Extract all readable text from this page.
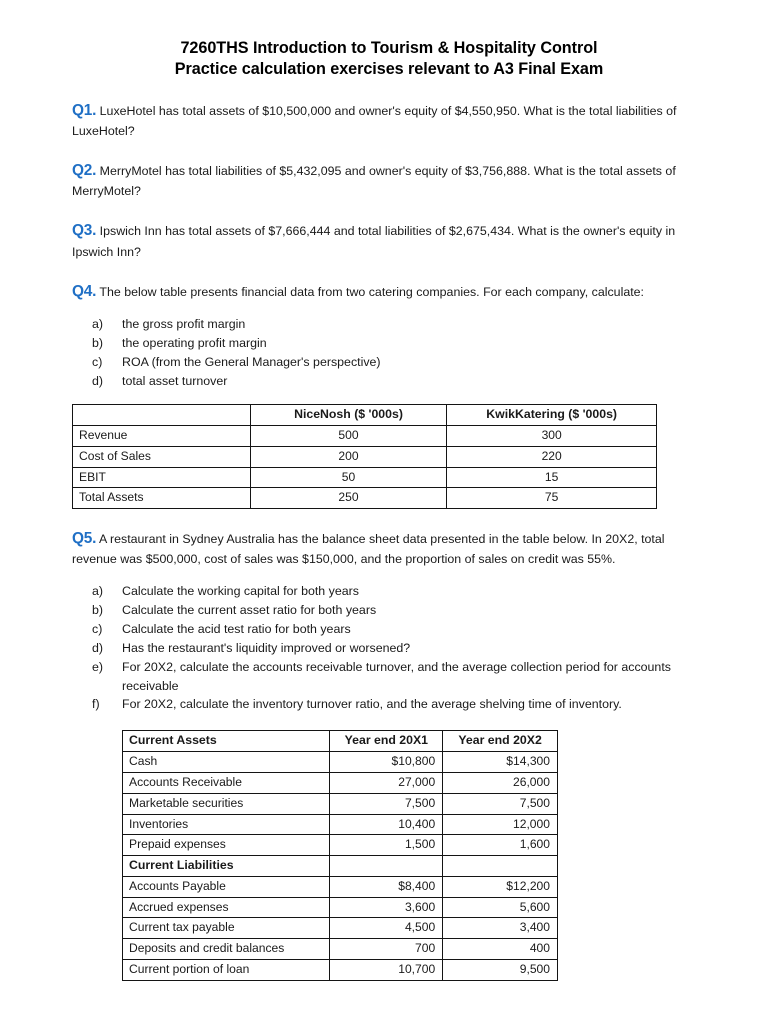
7260THS Introduction to Tourism & Hospitality Control
Practice calculation exercises relevant to A3 Final Exam

Q1. LuxeHotel has total assets of $10,500,000 and owner's equity of $4,550,950. What is the total liabilities of LuxeHotel?

Q2. MerryMotel has total liabilities of $5,432,095 and owner's equity of $3,756,888. What is the total assets of MerryMotel?

Q3. Ipswich Inn has total assets of $7,666,444 and total liabilities of $2,675,434. What is the owner's equity in Ipswich Inn?

Q4. The below table presents financial data from two catering companies. For each company, calculate:

a)	the gross profit margin
b)	the operating profit margin
c)	ROA (from the General Manager's perspective)
d)	total asset turnover
	NiceNosh ($ '000s)	KwikKatering ($ '000s)
Revenue	500	300
Cost of Sales	200	220
EBIT	50	15
Total Assets	250	75

Q5. A restaurant in Sydney Australia has the balance sheet data presented in the table below. In 20X2, total revenue was $500,000, cost of sales was $150,000, and the proportion of sales on credit was 55%.

a)	Calculate the working capital for both years
b)	Calculate the current asset ratio for both years
c)	Calculate the acid test ratio for both years
d)	Has the restaurant's liquidity improved or worsened?
e)	For 20X2, calculate the accounts receivable turnover, and the average collection period for accounts receivable
f)	For 20X2, calculate the inventory turnover ratio, and the average shelving time of inventory.
Current Assets	Year end 20X1	Year end 20X2
Cash	$10,800	$14,300
Accounts Receivable	27,000	26,000
Marketable securities	7,500	7,500
Inventories	10,400	12,000
Prepaid expenses	1,500	1,600
Current Liabilities		
Accounts Payable	$8,400	$12,200
Accrued expenses	3,600	5,600
Current tax payable	4,500	3,400
Deposits and credit balances	700	400
Current portion of loan	10,700	9,500
